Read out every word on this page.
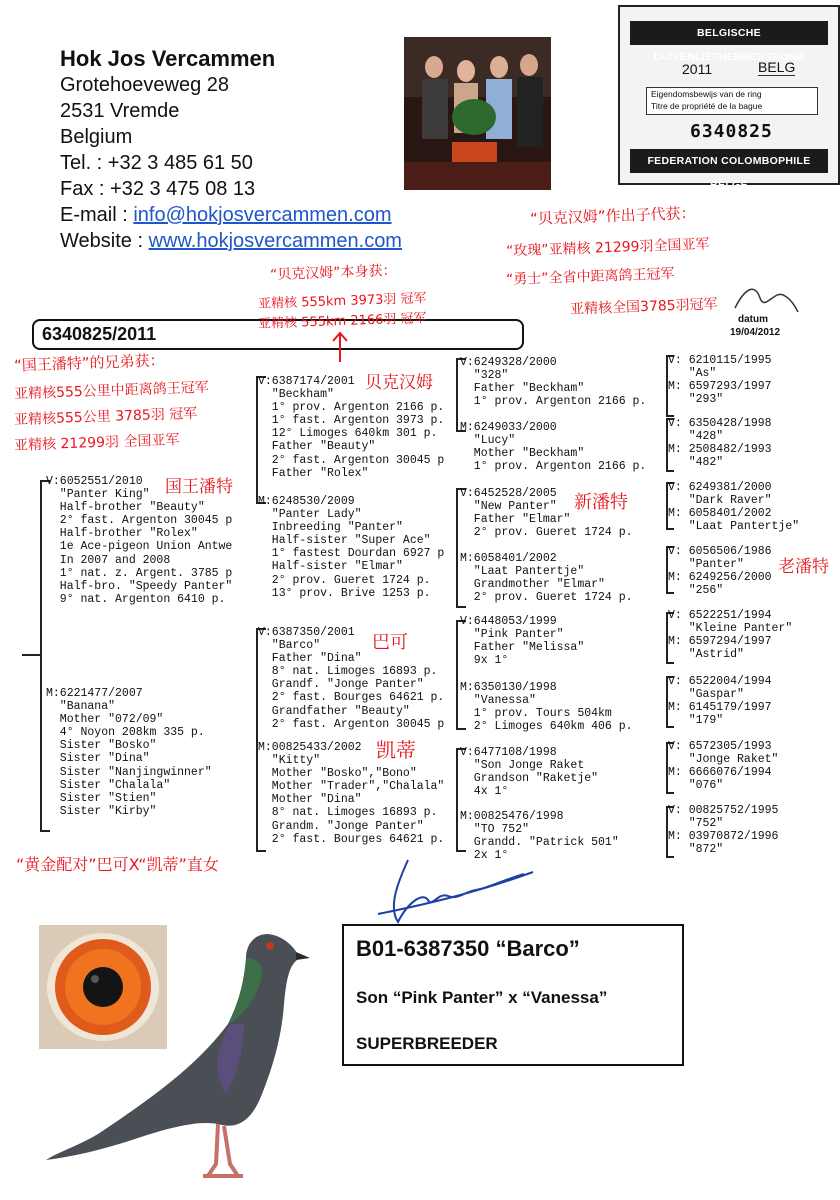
Hok Jos Vercammen
Grotehoeveweg 28
2531 Vremde
Belgium
Tel. : +32 3 485 61 50
Fax : +32 3 475 08 13
E-mail : info@hokjosvercammen.com
Website : www.hokjosvercammen.com
BELGISCHE DUIVENLIEFHEBBERSBOND
2011	BELG
Eigendomsbewijs van de ring
Titre de propriété de la bague
6340825
FEDERATION COLOMBOPHILE BELGE
datum
19/04/2012
6340825/2011
V:6052551/2010
"Panter King"
Half-brother "Beauty"
2° fast. Argenton 30045 p
Half-brother "Rolex"
1e Ace-pigeon Union Antwe
In 2007 and 2008
1° nat. z. Argent. 3785 p
Half-bro. "Speedy Panter"
9° nat. Argenton 6410 p.
M:6221477/2007
"Banana"
Mother "072/09"
4° Noyon 208km 335 p.
Sister "Bosko"
Sister "Dina"
Sister "Nanjingwinner"
Sister "Chalala"
Sister "Stien"
Sister "Kirby"
V:6387174/2001
"Beckham"
1° prov. Argenton 2166 p.
1° fast. Argenton 3973 p.
12° Limoges 640km 301 p.
Father "Beauty"
2° fast. Argenton 30045 p
Father "Rolex"
M:6248530/2009
"Panter Lady"
Inbreeding "Panter"
Half-sister "Super Ace"
1° fastest Dourdan 6927 p
Half-sister "Elmar"
2° prov. Gueret 1724 p.
13° prov. Brive 1253 p.
V:6387350/2001
"Barco"
Father "Dina"
8° nat. Limoges 16893 p.
Grandf. "Jonge Panter"
2° fast. Bourges 64621 p.
Grandfather "Beauty"
2° fast. Argenton 30045 p
M:00825433/2002
"Kitty"
Mother "Bosko","Bono"
Mother "Trader","Chalala"
Mother "Dina"
8° nat. Limoges 16893 p.
Grandm. "Jonge Panter"
2° fast. Bourges 64621 p.
V:6249328/2000
"328"
Father "Beckham"
1° prov. Argenton 2166 p.
M:6249033/2000
"Lucy"
Mother "Beckham"
1° prov. Argenton 2166 p.
V:6452528/2005
"New Panter"
Father "Elmar"
2° prov. Gueret 1724 p.
M:6058401/2002
"Laat Pantertje"
Grandmother "Elmar"
2° prov. Gueret 1724 p.
V:6448053/1999
"Pink Panter"
Father "Melissa"
9x 1°
M:6350130/1998
"Vanessa"
1° prov. Tours 504km
2° Limoges 640km 406 p.
V:6477108/1998
"Son Jonge Raket
Grandson "Raketje"
4x 1°
M:00825476/1998
"TO 752"
Grandd. "Patrick 501"
2x 1°
V: 6210115/1995
"As"
M: 6597293/1997
"293"
V: 6350428/1998
"428"
M: 2508482/1993
"482"
V: 6249381/2000
"Dark Raver"
M: 6058401/2002
"Laat Pantertje"
V: 6056506/1986
"Panter"
M: 6249256/2000
"256"
V: 6522251/1994
"Kleine Panter"
M: 6597294/1997
"Astrid"
V: 6522004/1994
"Gaspar"
M: 6145179/1997
"179"
V: 6572305/1993
"Jonge Raket"
M: 6666076/1994
"076"
V: 00825752/1995
"752"
M: 03970872/1996
"872"
“贝克汉姆”作出子代获：
“玫瑰”亚精核 21299羽全国亚军
“勇士”全省中距离鸽王冠军
亚精核全国3785羽冠军
“贝克汉姆”本身获：
亚精核 555km 3973羽 冠军
亚精核 555km 2166羽 冠军
“国王潘特”的兄弟获：
亚精核555公里中距离鸽王冠军
亚精核555公里 3785羽 冠军
亚精核 21299羽 全国亚军
国王潘特
贝克汉姆
新潘特
老潘特
巴可
凯蒂
“黄金配对”巴可X“凯蒂”直女
B01-6387350 “Barco”
Son “Pink Panter” x “Vanessa”
SUPERBREEDER
